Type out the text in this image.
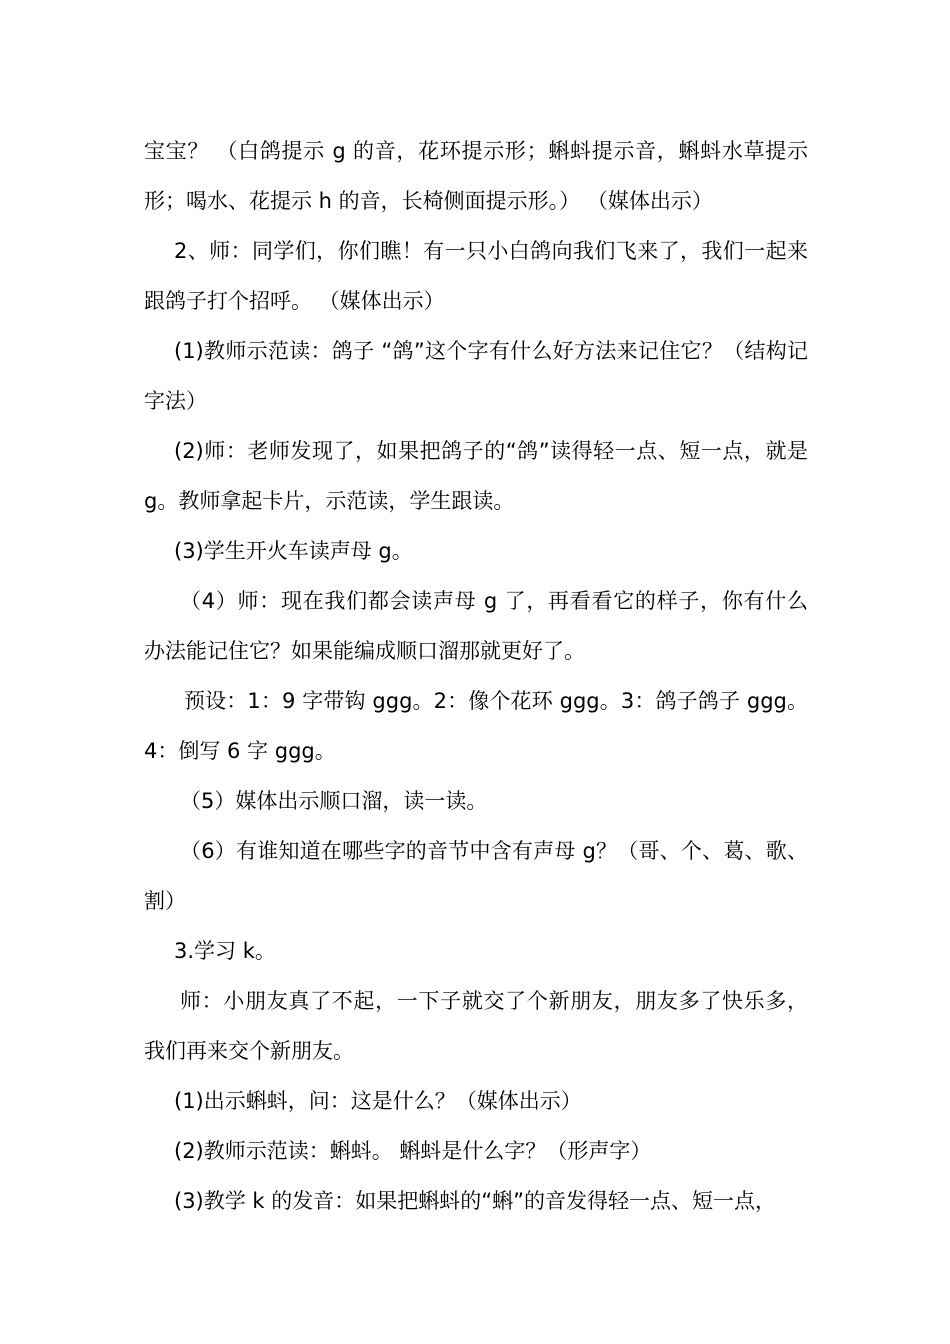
宝宝？ （白鸽提示 g 的音，花环提示形；蝌蚪提示音，蝌蚪水草提示形；喝水、花提示 h 的音，长椅侧面提示形。） （媒体出示）

2、师：同学们，你们瞧！有一只小白鸽向我们飞来了，我们一起来跟鸽子打个招呼。 （媒体出示）

(1)教师示范读：鸽子 “鸽”这个字有什么好方法来记住它？（结构记字法）

(2)师：老师发现了，如果把鸽子的“鸽”读得轻一点、短一点，就是 g。教师拿起卡片，示范读，学生跟读。

(3)学生开火车读声母 g。

（4）师：现在我们都会读声母 g 了，再看看它的样子，你有什么办法能记住它？如果能编成顺口溜那就更好了。

预设：1：9 字带钩 ggg。2：像个花环 ggg。3：鸽子鸽子 ggg。4：倒写 6 字 ggg。

（5）媒体出示顺口溜，读一读。

（6）有谁知道在哪些字的音节中含有声母 g？（哥、个、葛、歌、割）

3.学习 k。

师：小朋友真了不起，一下子就交了个新朋友，朋友多了快乐多，我们再来交个新朋友。

(1)出示蝌蚪，问：这是什么？（媒体出示）

(2)教师示范读：蝌蚪。 蝌蚪是什么字？（形声字）

(3)教学 k 的发音：如果把蝌蚪的“蝌”的音发得轻一点、短一点，
